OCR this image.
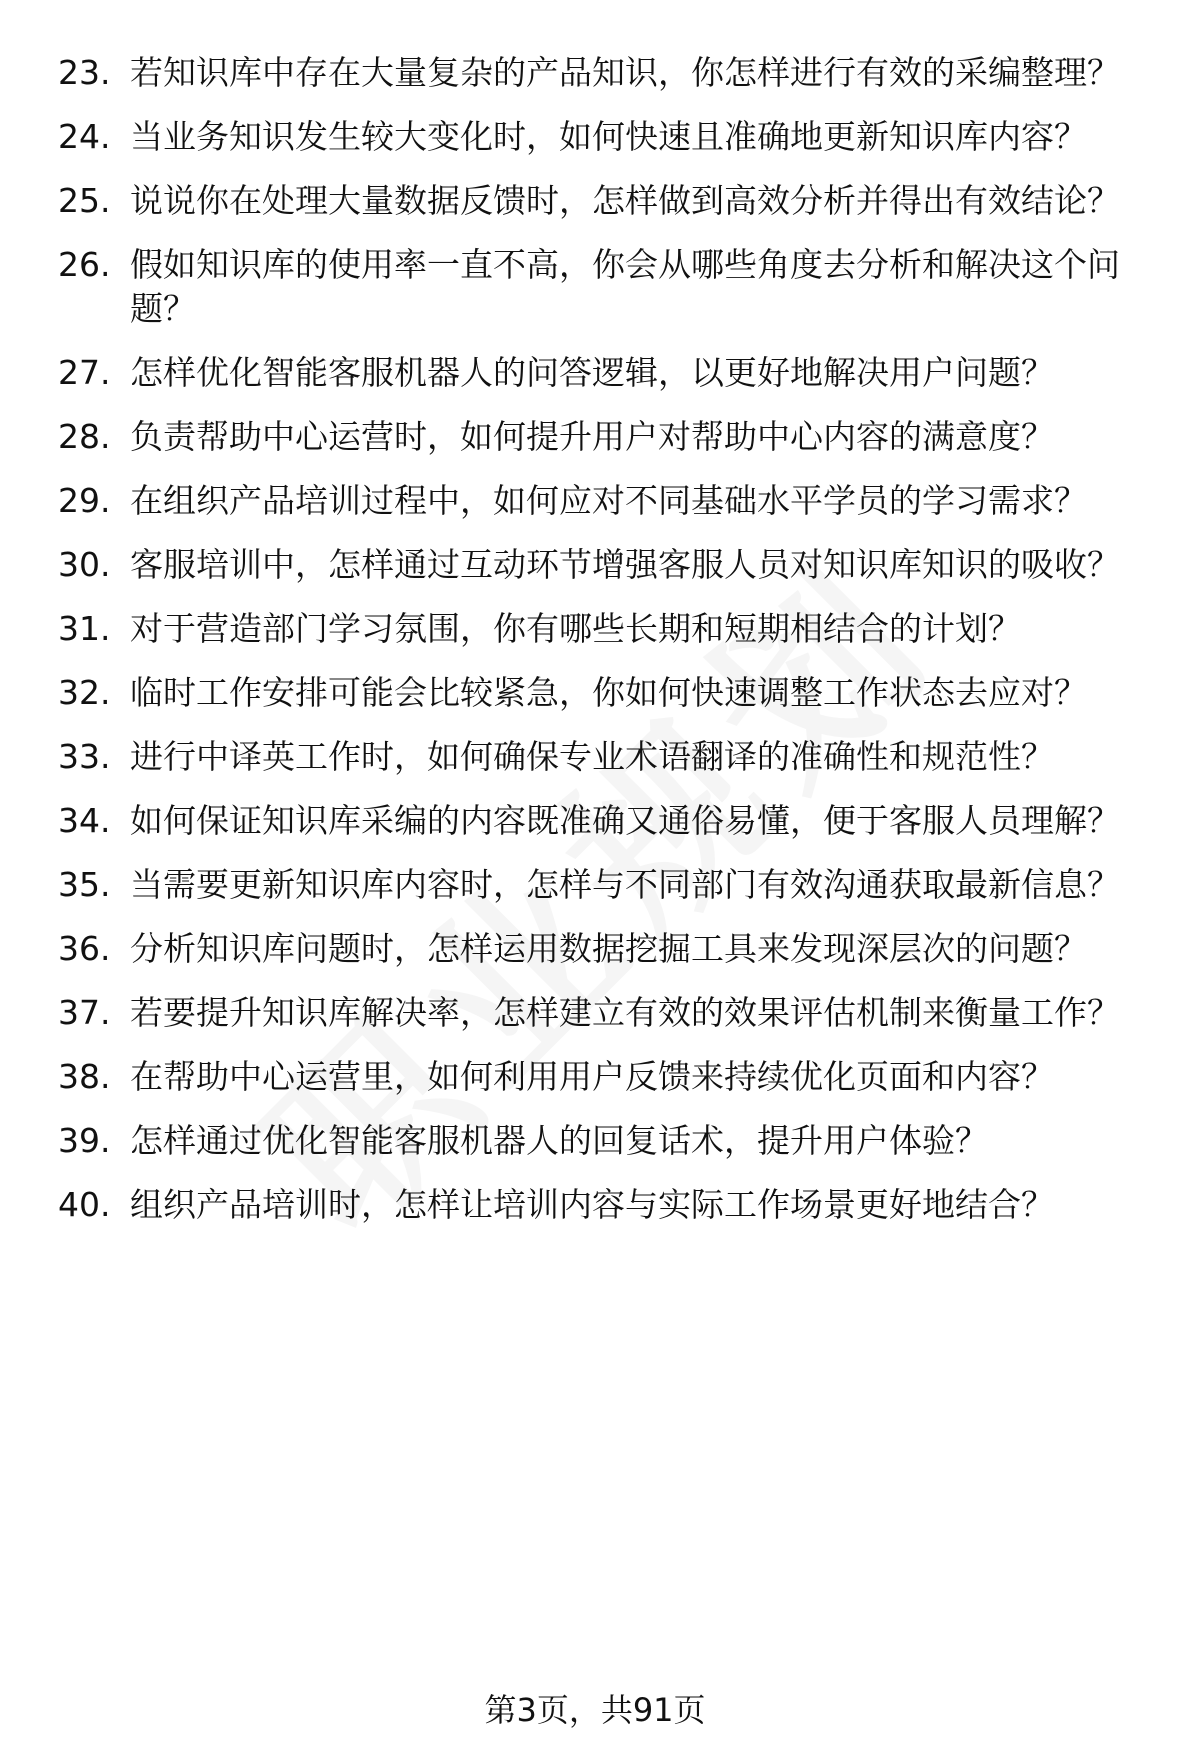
23. 若知识库中存在大量复杂的产品知识，你怎样进行有效的采编整理？
24. 当业务知识发生较大变化时，如何快速且准确地更新知识库内容？
25. 说说你在处理大量数据反馈时，怎样做到高效分析并得出有效结论？
26. 假如知识库的使用率一直不高，你会从哪些角度去分析和解决这个问题？
27. 怎样优化智能客服机器人的问答逻辑，以更好地解决用户问题？
28. 负责帮助中心运营时，如何提升用户对帮助中心内容的满意度？
29. 在组织产品培训过程中，如何应对不同基础水平学员的学习需求？
30. 客服培训中，怎样通过互动环节增强客服人员对知识库知识的吸收？
31. 对于营造部门学习氛围，你有哪些长期和短期相结合的计划？
32. 临时工作安排可能会比较紧急，你如何快速调整工作状态去应对？
33. 进行中译英工作时，如何确保专业术语翻译的准确性和规范性？
34. 如何保证知识库采编的内容既准确又通俗易懂，便于客服人员理解？
35. 当需要更新知识库内容时，怎样与不同部门有效沟通获取最新信息？
36. 分析知识库问题时，怎样运用数据挖掘工具来发现深层次的问题？
37. 若要提升知识库解决率，怎样建立有效的效果评估机制来衡量工作？
38. 在帮助中心运营里，如何利用用户反馈来持续优化页面和内容？
39. 怎样通过优化智能客服机器人的回复话术，提升用户体验？
40. 组织产品培训时，怎样让培训内容与实际工作场景更好地结合？
第3页，共91页
